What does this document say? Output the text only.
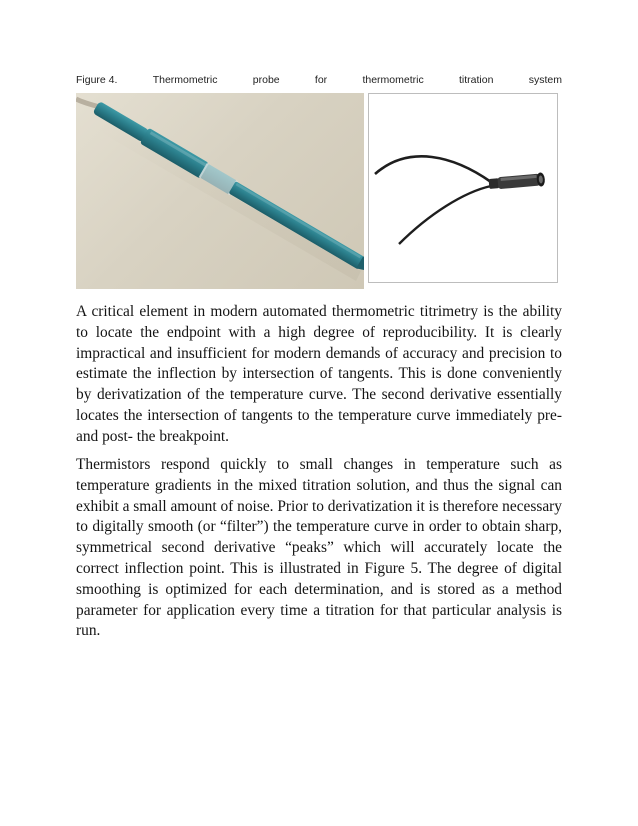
Figure 4.	Thermometric	probe	for	thermometric	titration	system

A critical element in modern automated thermometric titrimetry is the ability to locate the endpoint with a high degree of reproducibility. It is clearly impractical and insufficient for modern demands of accuracy and precision to estimate the inflection by intersection of tangents. This is done conveniently by derivatization of the temperature curve. The second derivative essentially locates the intersection of tangents to the temperature curve immediately pre- and post- the breakpoint.

Thermistors respond quickly to small changes in temperature such as temperature gradients in the mixed titration solution, and thus the signal can exhibit a small amount of noise. Prior to derivatization it is therefore necessary to digitally smooth (or “filter”) the temperature curve in order to obtain sharp, symmetrical second derivative “peaks” which will accurately locate the correct inflection point. This is illustrated in Figure 5. The degree of digital smoothing is optimized for each determination, and is stored as a method parameter for application every time a titration for that particular analysis is run.
